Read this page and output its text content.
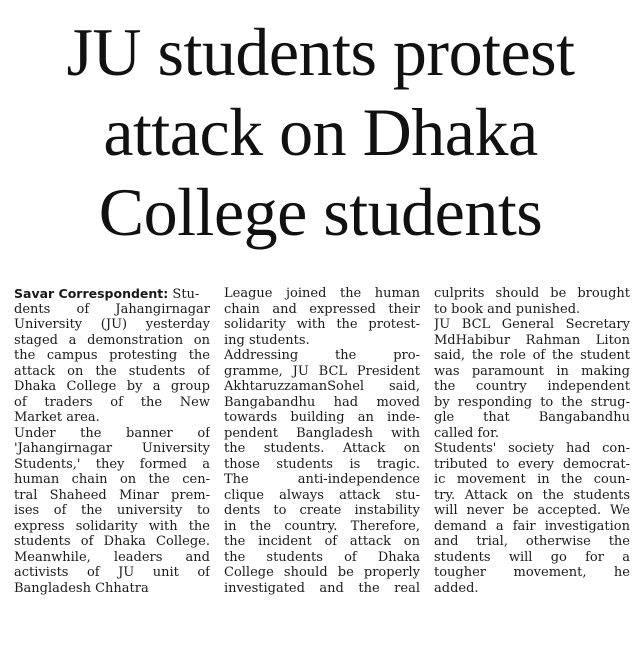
JU students protest
attack on Dhaka
College students
Savar Correspondent: Stu-
dents of Jahangirnagar
University (JU) yesterday
staged a demonstration on
the campus protesting the
attack on the students of
Dhaka College by a group
of traders of the New
Market area.
Under the banner of
'Jahangirnagar University
Students,' they formed a
human chain on the cen-
tral Shaheed Minar prem-
ises of the university to
express solidarity with the
students of Dhaka College.
Meanwhile, leaders and
activists of JU unit of
Bangladesh Chhatra
League joined the human
chain and expressed their
solidarity with the protest-
ing students.
Addressing the pro-
gramme, JU BCL President
AkhtaruzzamanSohel said,
Bangabandhu had moved
towards building an inde-
pendent Bangladesh with
the students. Attack on
those students is tragic.
The anti-independence
clique always attack stu-
dents to create instability
in the country. Therefore,
the incident of attack on
the students of Dhaka
College should be properly
investigated and the real
culprits should be brought
to book and punished.
JU BCL General Secretary
MdHabibur Rahman Liton
said, the role of the student
was paramount in making
the country independent
by responding to the strug-
gle that Bangabandhu
called for.
Students' society had con-
tributed to every democrat-
ic movement in the coun-
try. Attack on the students
will never be accepted. We
demand a fair investigation
and trial, otherwise the
students will go for a
tougher movement, he
added.
